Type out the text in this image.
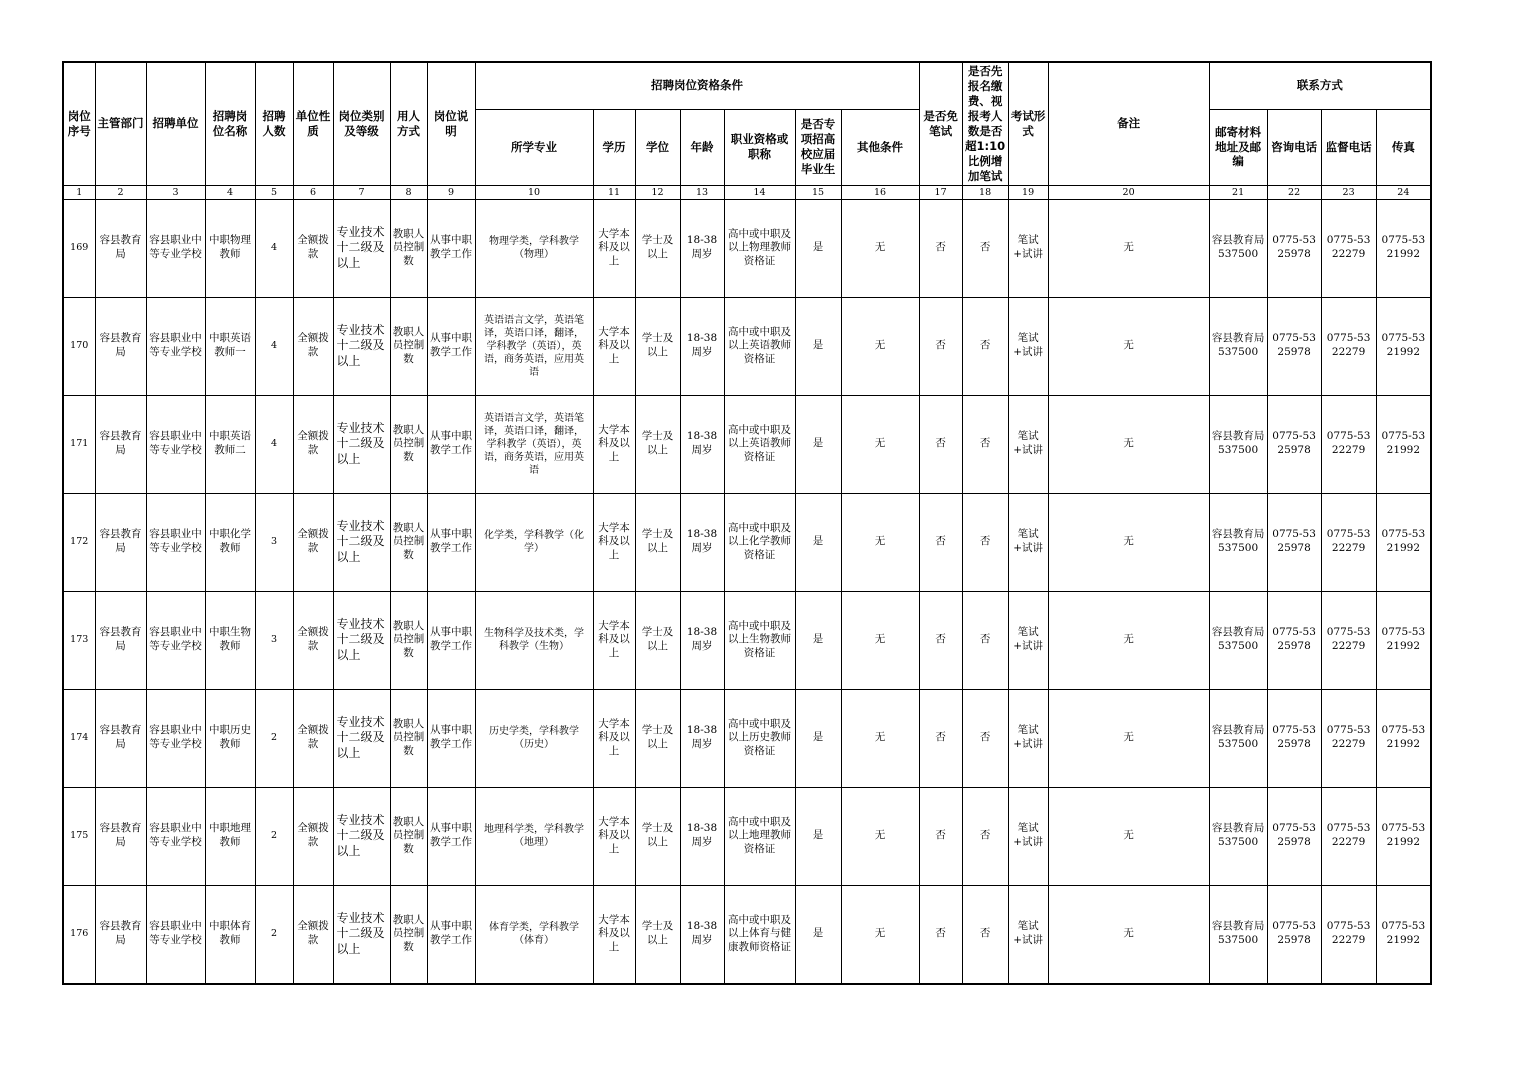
岗位序号	主管部门	招聘单位	招聘岗位名称	招聘人数	单位性质	岗位类别及等级	用人方式	岗位说明	招聘岗位资格条件							是否免笔试	是否先报名缴费、视报考人数是否超1:10比例增加笔试	考试形式	备注	联系方式			
									所学专业	学历	学位	年龄	职业资格或职称	是否专项招高校应届毕业生	其他条件					邮寄材料地址及邮编	咨询电话	监督电话	传真
1	2	3	4	5	6	7	8	9	10	11	12	13	14	15	16	17	18	19	20	21	22	23	24
169	容县教育局	容县职业中等专业学校	中职物理教师	4	全额拨款	专业技术十二级及以上	教职人员控制数	从事中职教学工作	物理学类，学科教学（物理）	大学本科及以上	学士及以上	18-38周岁	高中或中职及以上物理教师资格证	是	无	否	否	笔试+试讲	无	容县教育局537500	0775-5325978	0775-5322279	0775-5321992
170	容县教育局	容县职业中等专业学校	中职英语教师一	4	全额拨款	专业技术十二级及以上	教职人员控制数	从事中职教学工作	英语语言文学，英语笔译，英语口译，翻译，学科教学（英语），英语，商务英语，应用英语	大学本科及以上	学士及以上	18-38周岁	高中或中职及以上英语教师资格证	是	无	否	否	笔试+试讲	无	容县教育局537500	0775-5325978	0775-5322279	0775-5321992
171	容县教育局	容县职业中等专业学校	中职英语教师二	4	全额拨款	专业技术十二级及以上	教职人员控制数	从事中职教学工作	英语语言文学，英语笔译，英语口译，翻译，学科教学（英语），英语，商务英语，应用英语	大学本科及以上	学士及以上	18-38周岁	高中或中职及以上英语教师资格证	是	无	否	否	笔试+试讲	无	容县教育局537500	0775-5325978	0775-5322279	0775-5321992
172	容县教育局	容县职业中等专业学校	中职化学教师	3	全额拨款	专业技术十二级及以上	教职人员控制数	从事中职教学工作	化学类，学科教学（化学）	大学本科及以上	学士及以上	18-38周岁	高中或中职及以上化学教师资格证	是	无	否	否	笔试+试讲	无	容县教育局537500	0775-5325978	0775-5322279	0775-5321992
173	容县教育局	容县职业中等专业学校	中职生物教师	3	全额拨款	专业技术十二级及以上	教职人员控制数	从事中职教学工作	生物科学及技术类，学科教学（生物）	大学本科及以上	学士及以上	18-38周岁	高中或中职及以上生物教师资格证	是	无	否	否	笔试+试讲	无	容县教育局537500	0775-5325978	0775-5322279	0775-5321992
174	容县教育局	容县职业中等专业学校	中职历史教师	2	全额拨款	专业技术十二级及以上	教职人员控制数	从事中职教学工作	历史学类，学科教学（历史）	大学本科及以上	学士及以上	18-38周岁	高中或中职及以上历史教师资格证	是	无	否	否	笔试+试讲	无	容县教育局537500	0775-5325978	0775-5322279	0775-5321992
175	容县教育局	容县职业中等专业学校	中职地理教师	2	全额拨款	专业技术十二级及以上	教职人员控制数	从事中职教学工作	地理科学类，学科教学（地理）	大学本科及以上	学士及以上	18-38周岁	高中或中职及以上地理教师资格证	是	无	否	否	笔试+试讲	无	容县教育局537500	0775-5325978	0775-5322279	0775-5321992
176	容县教育局	容县职业中等专业学校	中职体育教师	2	全额拨款	专业技术十二级及以上	教职人员控制数	从事中职教学工作	体育学类，学科教学（体育）	大学本科及以上	学士及以上	18-38周岁	高中或中职及以上体育与健康教师资格证	是	无	否	否	笔试+试讲	无	容县教育局537500	0775-5325978	0775-5322279	0775-5321992
